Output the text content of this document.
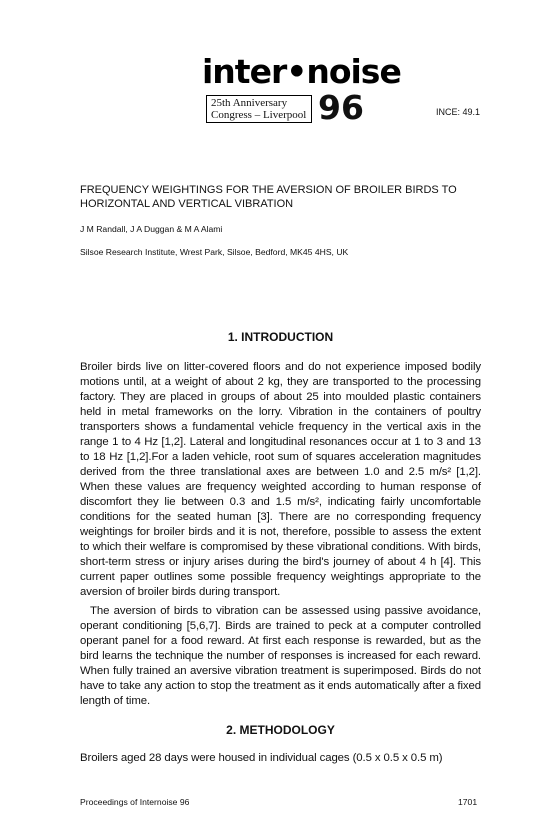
inter•noise
25th Anniversary
Congress – Liverpool 96	INCE: 49.1
FREQUENCY WEIGHTINGS FOR THE AVERSION OF BROILER BIRDS TO HORIZONTAL AND VERTICAL VIBRATION
J M Randall, J A Duggan & M A Alami
Silsoe Research Institute, Wrest Park, Silsoe, Bedford, MK45 4HS, UK
1. INTRODUCTION

Broiler birds live on litter-covered floors and do not experience imposed bodily motions until, at a weight of about 2 kg, they are transported to the processing factory. They are placed in groups of about 25 into moulded plastic containers held in metal frameworks on the lorry. Vibration in the containers of poultry transporters shows a fundamental vehicle frequency in the vertical axis in the range 1 to 4 Hz [1,2]. Lateral and longitudinal resonances occur at 1 to 3 and 13 to 18 Hz [1,2].For a laden vehicle, root sum of squares acceleration magnitudes derived from the three translational axes are between 1.0 and 2.5 m/s² [1,2]. When these values are frequency weighted according to human response of discomfort they lie between 0.3 and 1.5 m/s², indicating fairly uncomfortable conditions for the seated human [3]. There are no corresponding frequency weightings for broiler birds and it is not, therefore, possible to assess the extent to which their welfare is compromised by these vibrational conditions. With birds, short-term stress or injury arises during the bird's journey of about 4 h [4]. This current paper outlines some possible frequency weightings appropriate to the aversion of broiler birds during transport.

The aversion of birds to vibration can be assessed using passive avoidance, operant conditioning [5,6,7]. Birds are trained to peck at a computer controlled operant panel for a food reward. At first each response is rewarded, but as the bird learns the technique the number of responses is increased for each reward. When fully trained an aversive vibration treatment is superimposed. Birds do not have to take any action to stop the treatment as it ends automatically after a fixed length of time.

2. METHODOLOGY

Broilers aged 28 days were housed in individual cages (0.5 x 0.5 x 0.5 m)

Proceedings of Internoise 96	1701
